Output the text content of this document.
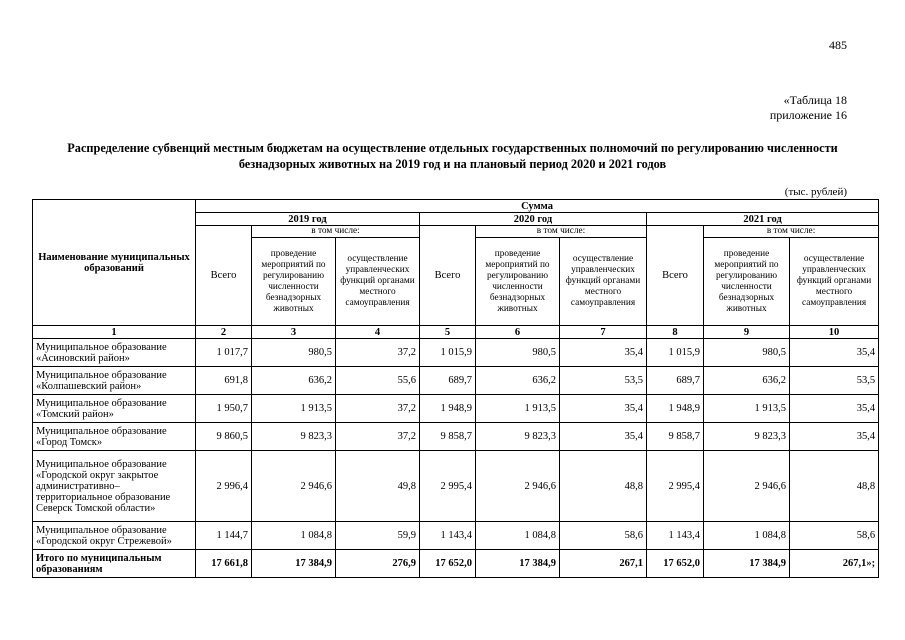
485
«Таблица 18
приложение 16
Распределение субвенций местным бюджетам на осуществление отдельных государственных полномочий по регулированию численности безнадзорных животных на 2019 год и на плановый период 2020 и 2021 годов
(тыс. рублей)
Наименование муниципальных образований	Сумма								
	2019 год			2020 год			2021 год		
	Всего	в том числе:		Всего	в том числе:		Всего	в том числе:	
		проведение мероприятий по регулированию численности безнадзорных животных	осуществление управленческих функций органами местного самоуправления		проведение мероприятий по регулированию численности безнадзорных животных	осуществление управленческих функций органами местного самоуправления		проведение мероприятий по регулированию численности безнадзорных животных	осуществление управленческих функций органами местного самоуправления
1	2	3	4	5	6	7	8	9	10
Муниципальное образование «Асиновский район»	1 017,7	980,5	37,2	1 015,9	980,5	35,4	1 015,9	980,5	35,4
Муниципальное образование «Колпашевский район»	691,8	636,2	55,6	689,7	636,2	53,5	689,7	636,2	53,5
Муниципальное образование «Томский район»	1 950,7	1 913,5	37,2	1 948,9	1 913,5	35,4	1 948,9	1 913,5	35,4
Муниципальное образование «Город Томск»	9 860,5	9 823,3	37,2	9 858,7	9 823,3	35,4	9 858,7	9 823,3	35,4
Муниципальное образование «Городской округ закрытое административно–территориальное образование Северск Томской области»	2 996,4	2 946,6	49,8	2 995,4	2 946,6	48,8	2 995,4	2 946,6	48,8
Муниципальное образование «Городской округ Стрежевой»	1 144,7	1 084,8	59,9	1 143,4	1 084,8	58,6	1 143,4	1 084,8	58,6
Итого по муниципальным образованиям	17 661,8	17 384,9	276,9	17 652,0	17 384,9	267,1	17 652,0	17 384,9	267,1»;
